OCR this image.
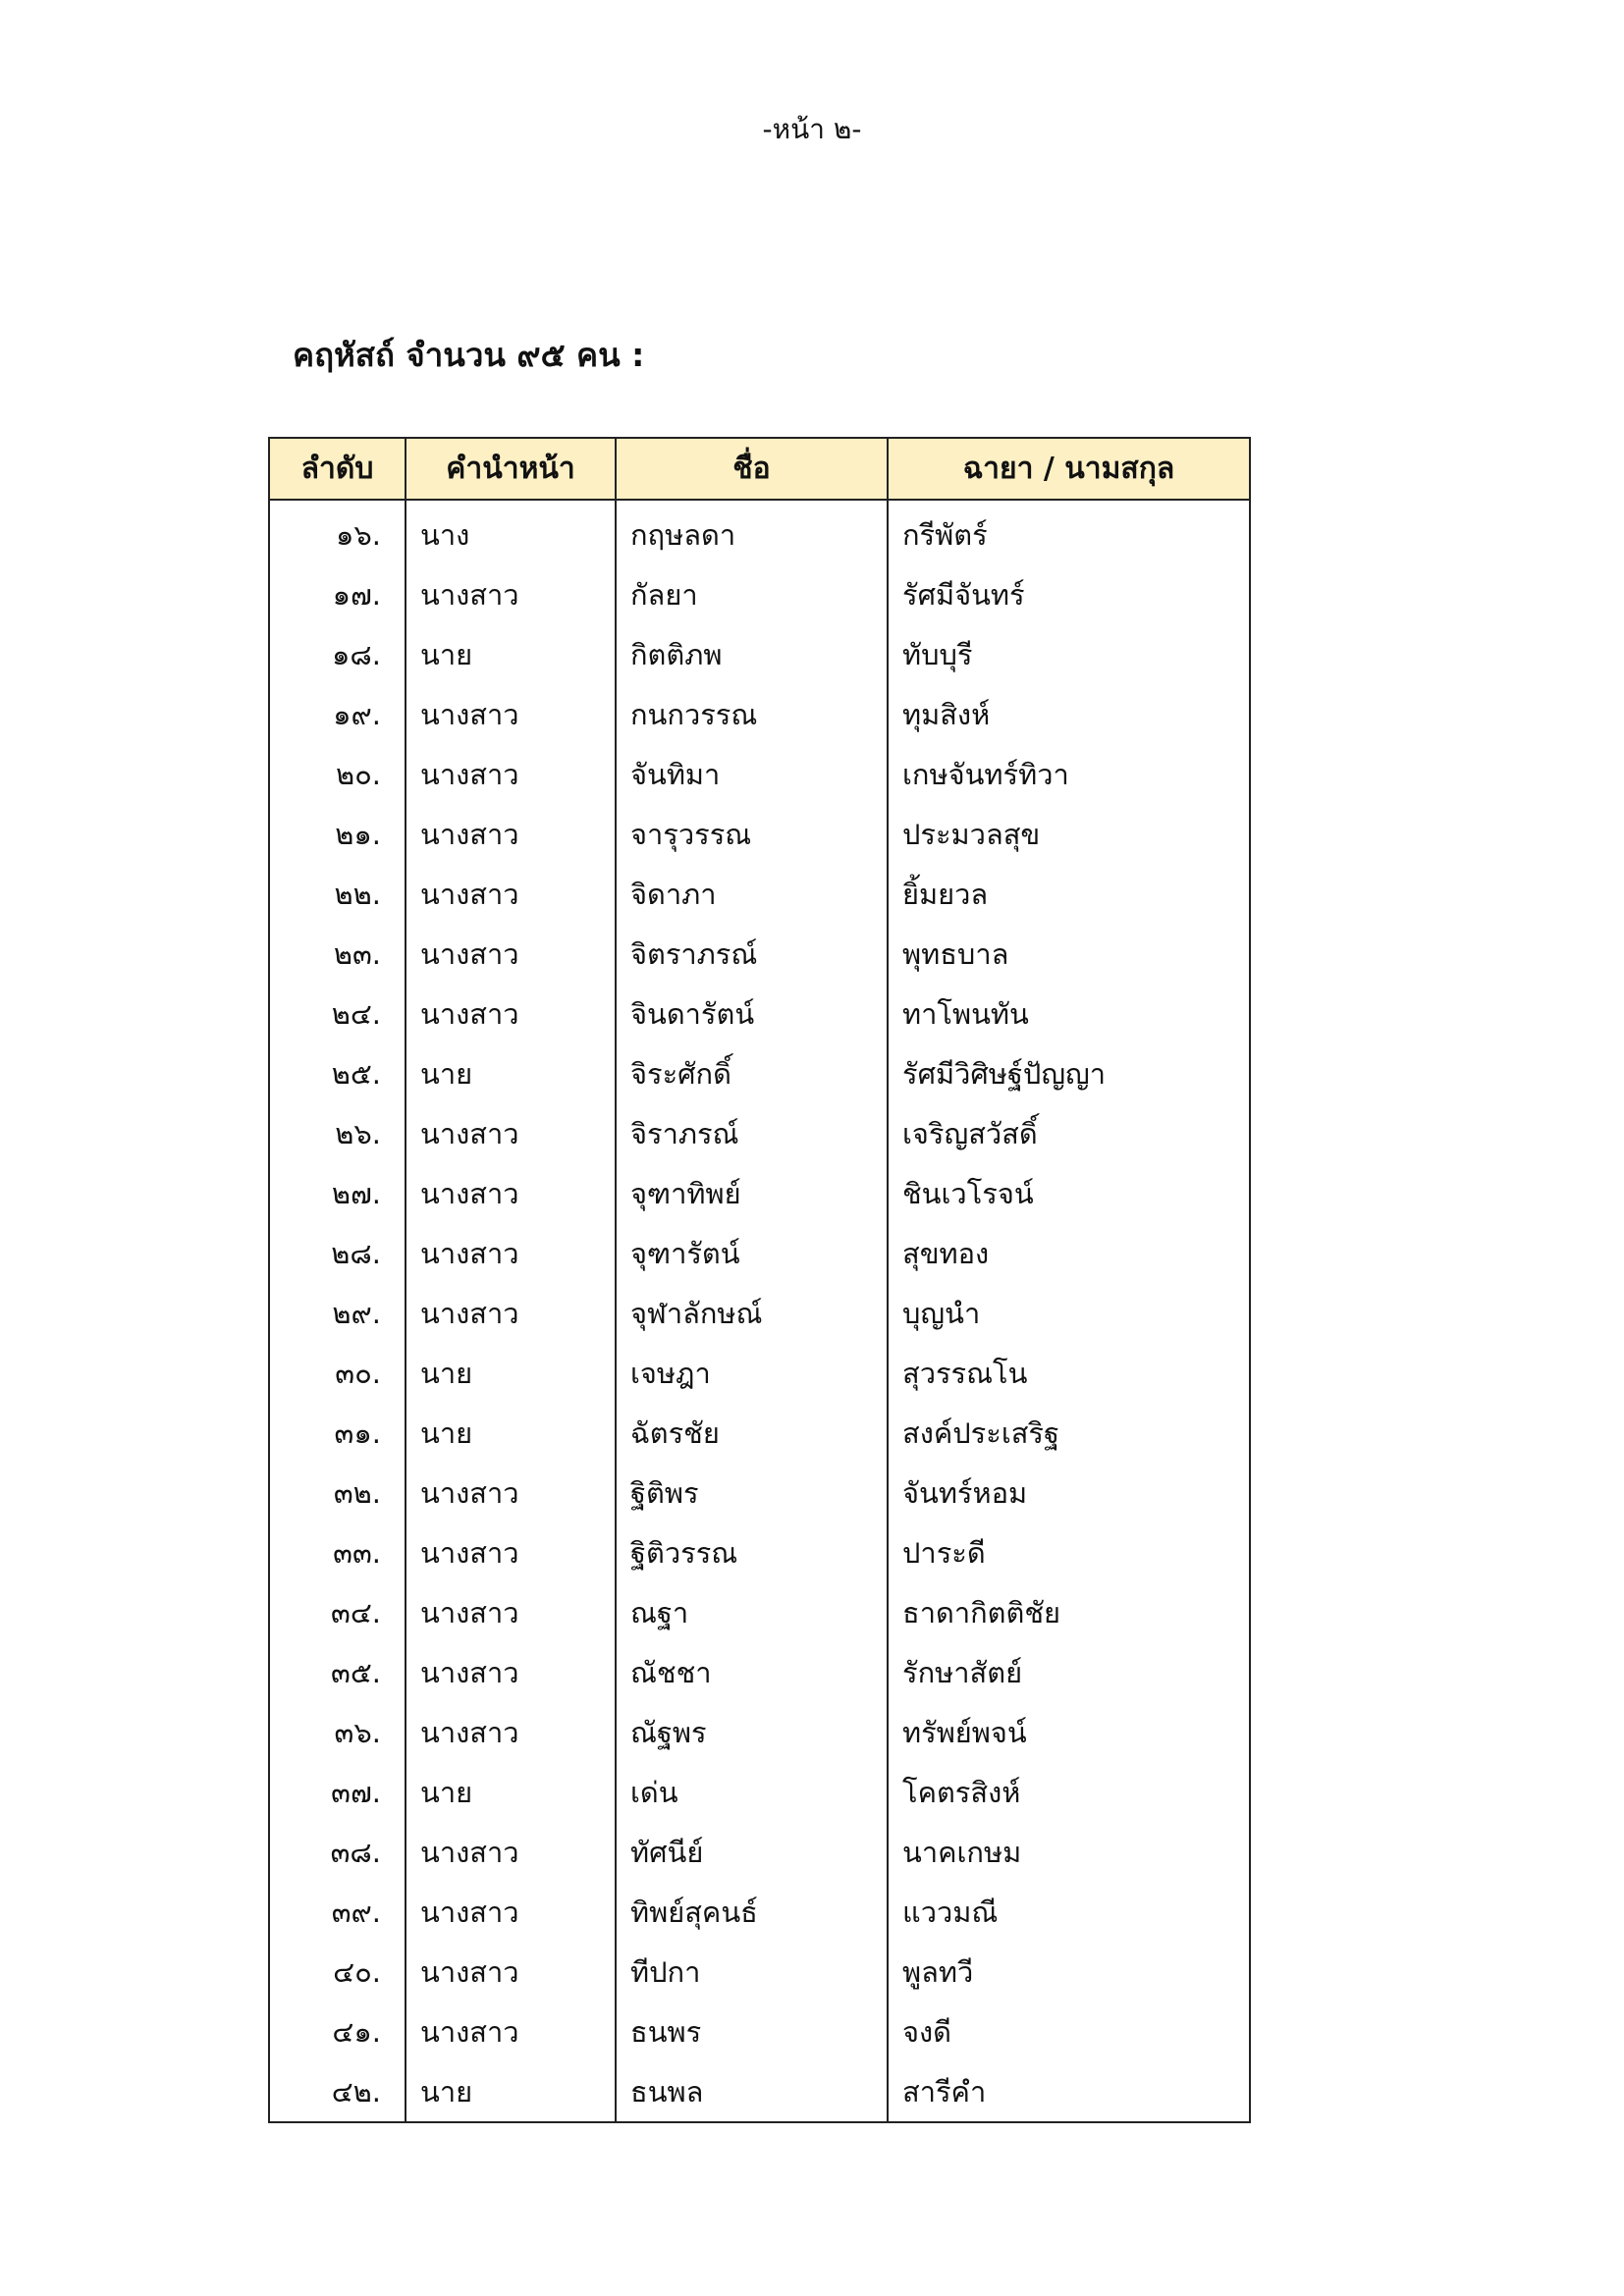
-หน้า ๒-
คฤหัสถ์ จำนวน ๙๕ คน :
ลำดับ	คำนำหน้า	ชื่อ	ฉายา / นามสกุล
๑๖.	นาง	กฤษลดา	กรีพัตร์
๑๗.	นางสาว	กัลยา	รัศมีจันทร์
๑๘.	นาย	กิตติภพ	ทับบุรี
๑๙.	นางสาว	กนกวรรณ	ทุมสิงห์
๒๐.	นางสาว	จันทิมา	เกษจันทร์ทิวา
๒๑.	นางสาว	จารุวรรณ	ประมวลสุข
๒๒.	นางสาว	จิดาภา	ยิ้มยวล
๒๓.	นางสาว	จิตราภรณ์	พุทธบาล
๒๔.	นางสาว	จินดารัตน์	ทาโพนทัน
๒๕.	นาย	จิระศักดิ์	รัศมีวิศิษฐ์ปัญญา
๒๖.	นางสาว	จิราภรณ์	เจริญสวัสดิ์
๒๗.	นางสาว	จุฑาทิพย์	ชินเวโรจน์
๒๘.	นางสาว	จุฑารัตน์	สุขทอง
๒๙.	นางสาว	จุฬาลักษณ์	บุญนำ
๓๐.	นาย	เจษฎา	สุวรรณโน
๓๑.	นาย	ฉัตรชัย	สงค์ประเสริฐ
๓๒.	นางสาว	ฐิติพร	จันทร์หอม
๓๓.	นางสาว	ฐิติวรรณ	ปาระดี
๓๔.	นางสาว	ณฐา	ธาดากิตติชัย
๓๕.	นางสาว	ณัชชา	รักษาสัตย์
๓๖.	นางสาว	ณัฐพร	ทรัพย์พจน์
๓๗.	นาย	เด่น	โคตรสิงห์
๓๘.	นางสาว	ทัศนีย์	นาคเกษม
๓๙.	นางสาว	ทิพย์สุคนธ์	แววมณี
๔๐.	นางสาว	ทีปกา	พูลทวี
๔๑.	นางสาว	ธนพร	จงดี
๔๒.	นาย	ธนพล	สารีคำ
